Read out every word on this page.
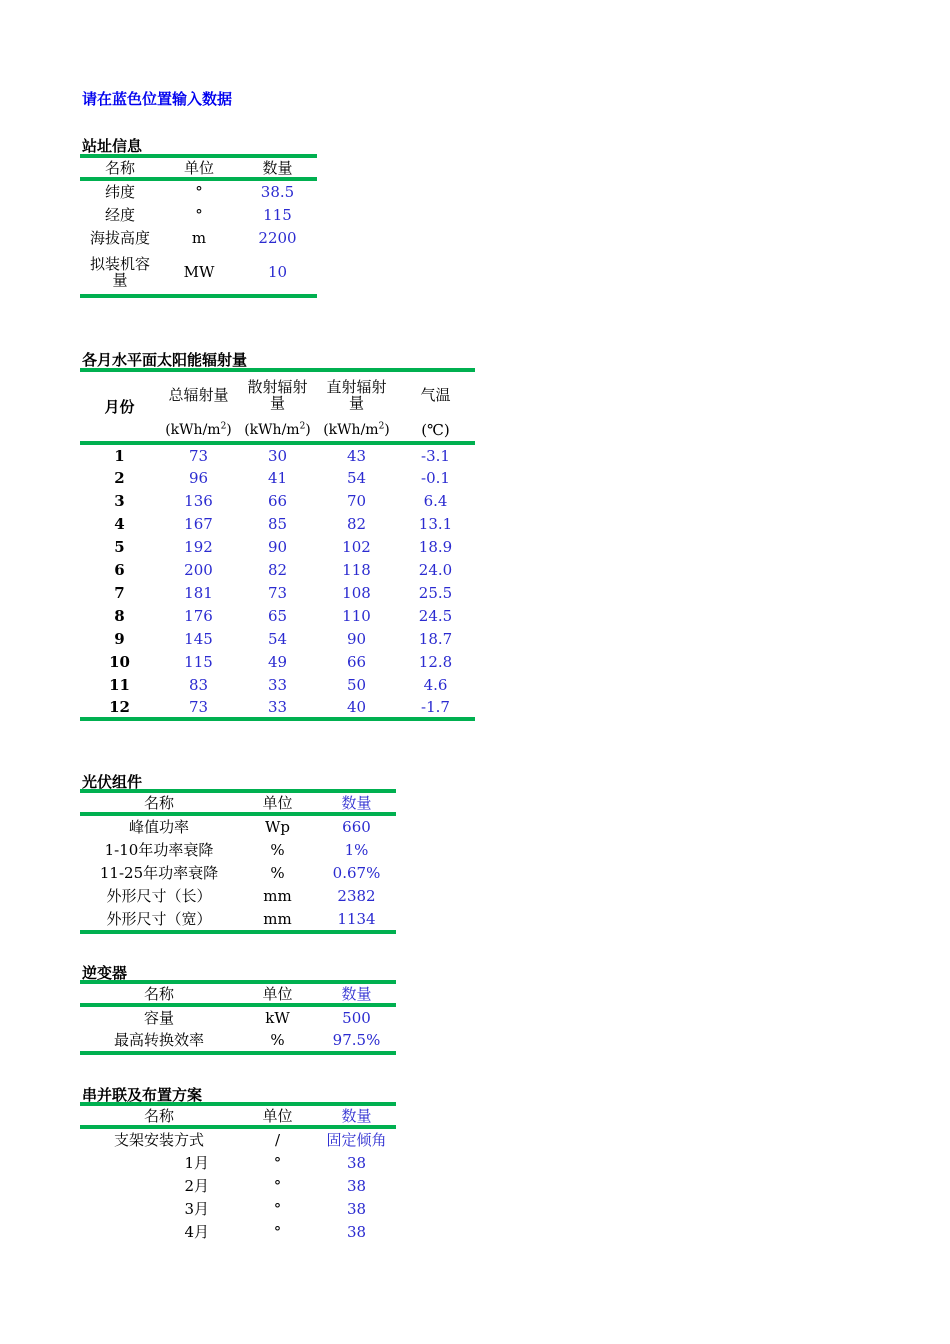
请在蓝色位置输入数据
站址信息
名称	单位	数量
纬度	°	38.5
经度	°	115
海拔高度	m	2200
拟装机容量	MW	10
各月水平面太阳能辐射量
月份	总辐射量	散射辐射量	直射辐射量	气温
	$(kWh/m^2)$	$(kWh/m^2)$	$(kWh/m^2)$	(℃)
1	73	30	43	-3.1
2	96	41	54	-0.1
3	136	66	70	6.4
4	167	85	82	13.1
5	192	90	102	18.9
6	200	82	118	24.0
7	181	73	108	25.5
8	176	65	110	24.5
9	145	54	90	18.7
10	115	49	66	12.8
11	83	33	50	4.6
12	73	33	40	-1.7
光伏组件
名称	单位	数量
峰值功率	Wp	660
1-10年功率衰降	%	1%
11-25年功率衰降	%	0.67%
外形尺寸（长）	mm	2382
外形尺寸（宽）	mm	1134
逆变器
名称	单位	数量
容量	kW	500
最高转换效率	%	97.5%
串并联及布置方案
名称	单位	数量
支架安装方式	/	固定倾角
1月	°	38
2月	°	38
3月	°	38
4月	°	38
